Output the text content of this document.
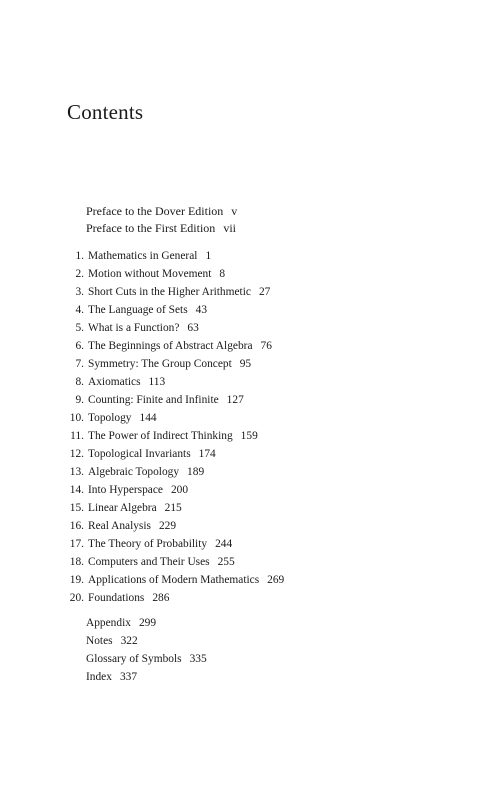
Contents
Preface to the Dover Edition v
Preface to the First Edition vii
1. Mathematics in General 1
2. Motion without Movement 8
3. Short Cuts in the Higher Arithmetic 27
4. The Language of Sets 43
5. What is a Function? 63
6. The Beginnings of Abstract Algebra 76
7. Symmetry: The Group Concept 95
8. Axiomatics 113
9. Counting: Finite and Infinite 127
10. Topology 144
11. The Power of Indirect Thinking 159
12. Topological Invariants 174
13. Algebraic Topology 189
14. Into Hyperspace 200
15. Linear Algebra 215
16. Real Analysis 229
17. The Theory of Probability 244
18. Computers and Their Uses 255
19. Applications of Modern Mathematics 269
20. Foundations 286
Appendix 299
Notes 322
Glossary of Symbols 335
Index 337
